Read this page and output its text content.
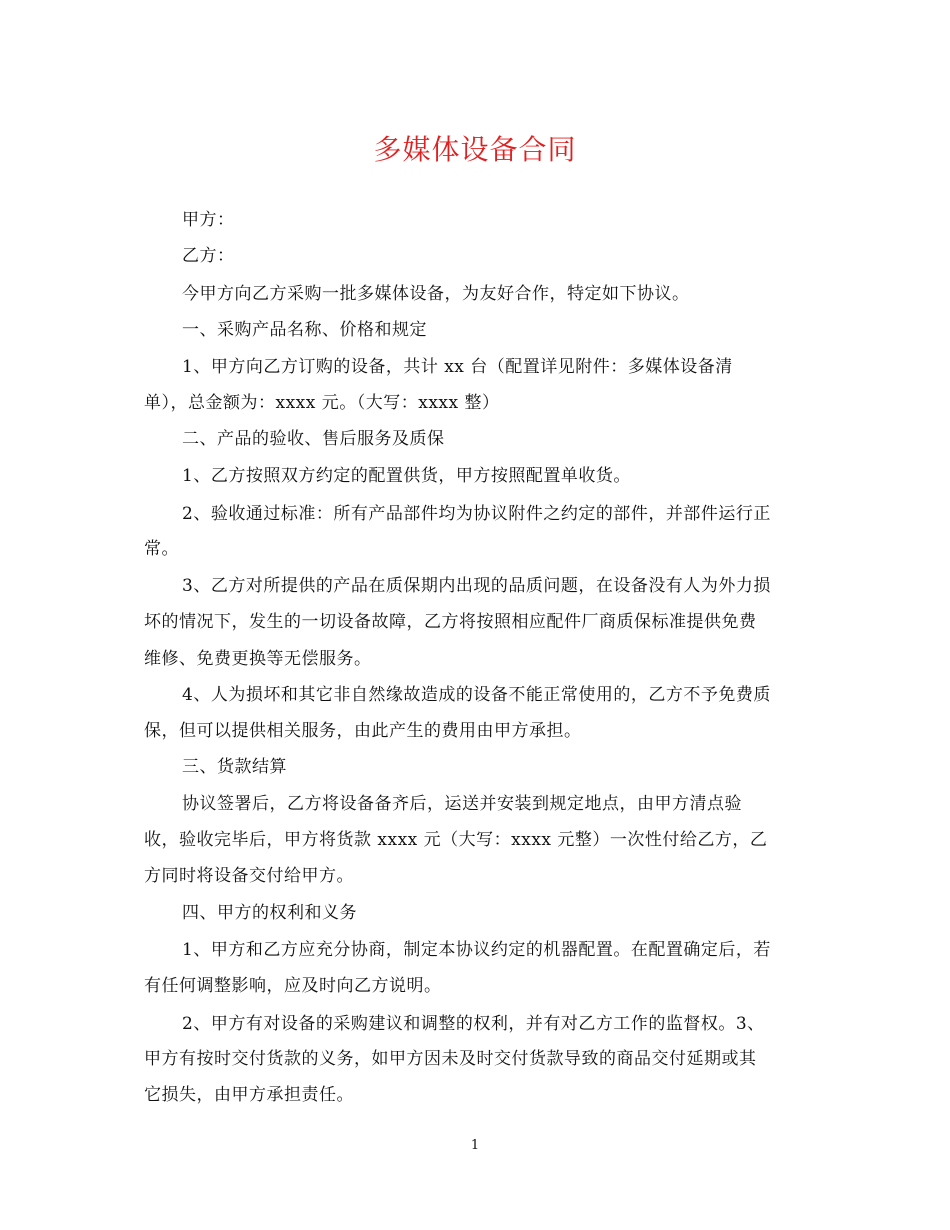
多媒体设备合同
甲方：
乙方：
今甲方向乙方采购一批多媒体设备，为友好合作，特定如下协议。
一、采购产品名称、价格和规定
1、甲方向乙方订购的设备，共计 xx 台（配置详见附件：多媒体设备清
单），总金额为：xxxx 元。（大写：xxxx 整）
二、产品的验收、售后服务及质保
1、乙方按照双方约定的配置供货，甲方按照配置单收货。
2、验收通过标准：所有产品部件均为协议附件之约定的部件，并部件运行正
常。
3、乙方对所提供的产品在质保期内出现的品质问题，在设备没有人为外力损
坏的情况下，发生的一切设备故障，乙方将按照相应配件厂商质保标准提供免费
维修、免费更换等无偿服务。
4、人为损坏和其它非自然缘故造成的设备不能正常使用的，乙方不予免费质
保，但可以提供相关服务，由此产生的费用由甲方承担。
三、货款结算
协议签署后，乙方将设备备齐后，运送并安装到规定地点，由甲方清点验
收，验收完毕后，甲方将货款 xxxx 元（大写：xxxx 元整）一次性付给乙方，乙
方同时将设备交付给甲方。
四、甲方的权利和义务
1、甲方和乙方应充分协商，制定本协议约定的机器配置。在配置确定后，若
有任何调整影响，应及时向乙方说明。
2、甲方有对设备的采购建议和调整的权利，并有对乙方工作的监督权。3、
甲方有按时交付货款的义务，如甲方因未及时交付货款导致的商品交付延期或其
它损失，由甲方承担责任。
1
